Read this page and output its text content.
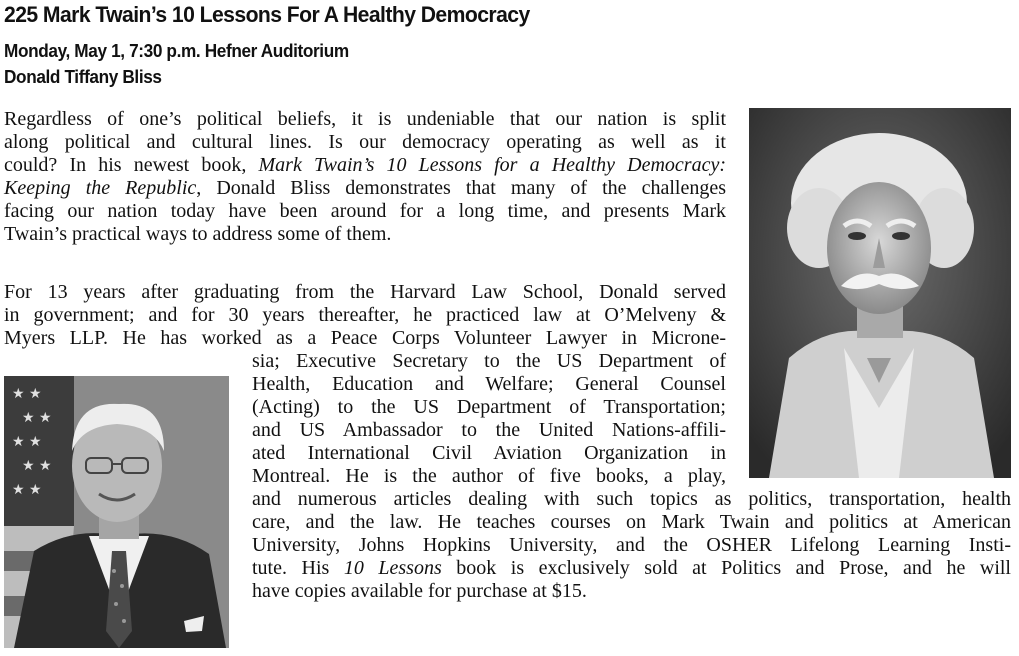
225 Mark Twain’s 10 Lessons For A Healthy Democracy
Monday, May 1, 7:30 p.m. Hefner Auditorium
Donald Tiffany Bliss
Regardless of one’s political beliefs, it is undeniable that our nation is split
along political and cultural lines. Is our democracy operating as well as it
could? In his newest book, Mark Twain’s 10 Lessons for a Healthy Democracy:
Keeping the Republic, Donald Bliss demonstrates that many of the challenges
facing our nation today have been around for a long time, and presents Mark
Twain’s practical ways to address some of them.
For 13 years after graduating from the Harvard Law School, Donald served
in government; and for 30 years thereafter, he practiced law at O’Melveny &
Myers LLP. He has worked as a Peace Corps Volunteer Lawyer in Microne-
sia; Executive Secretary to the US Department of
Health, Education and Welfare; General Counsel
(Acting) to the US Department of Transportation;
and US Ambassador to the United Nations-affili-
ated International Civil Aviation Organization in
Montreal. He is the author of five books, a play,
and numerous articles dealing with such topics as politics, transportation, health
care, and the law. He teaches courses on Mark Twain and politics at American
University, Johns Hopkins University, and the OSHER Lifelong Learning Insti-
tute. His 10 Lessons book is exclusively sold at Politics and Prose, and he will
have copies available for purchase at $15.
★ ★
★ ★
★ ★
★ ★
★ ★
